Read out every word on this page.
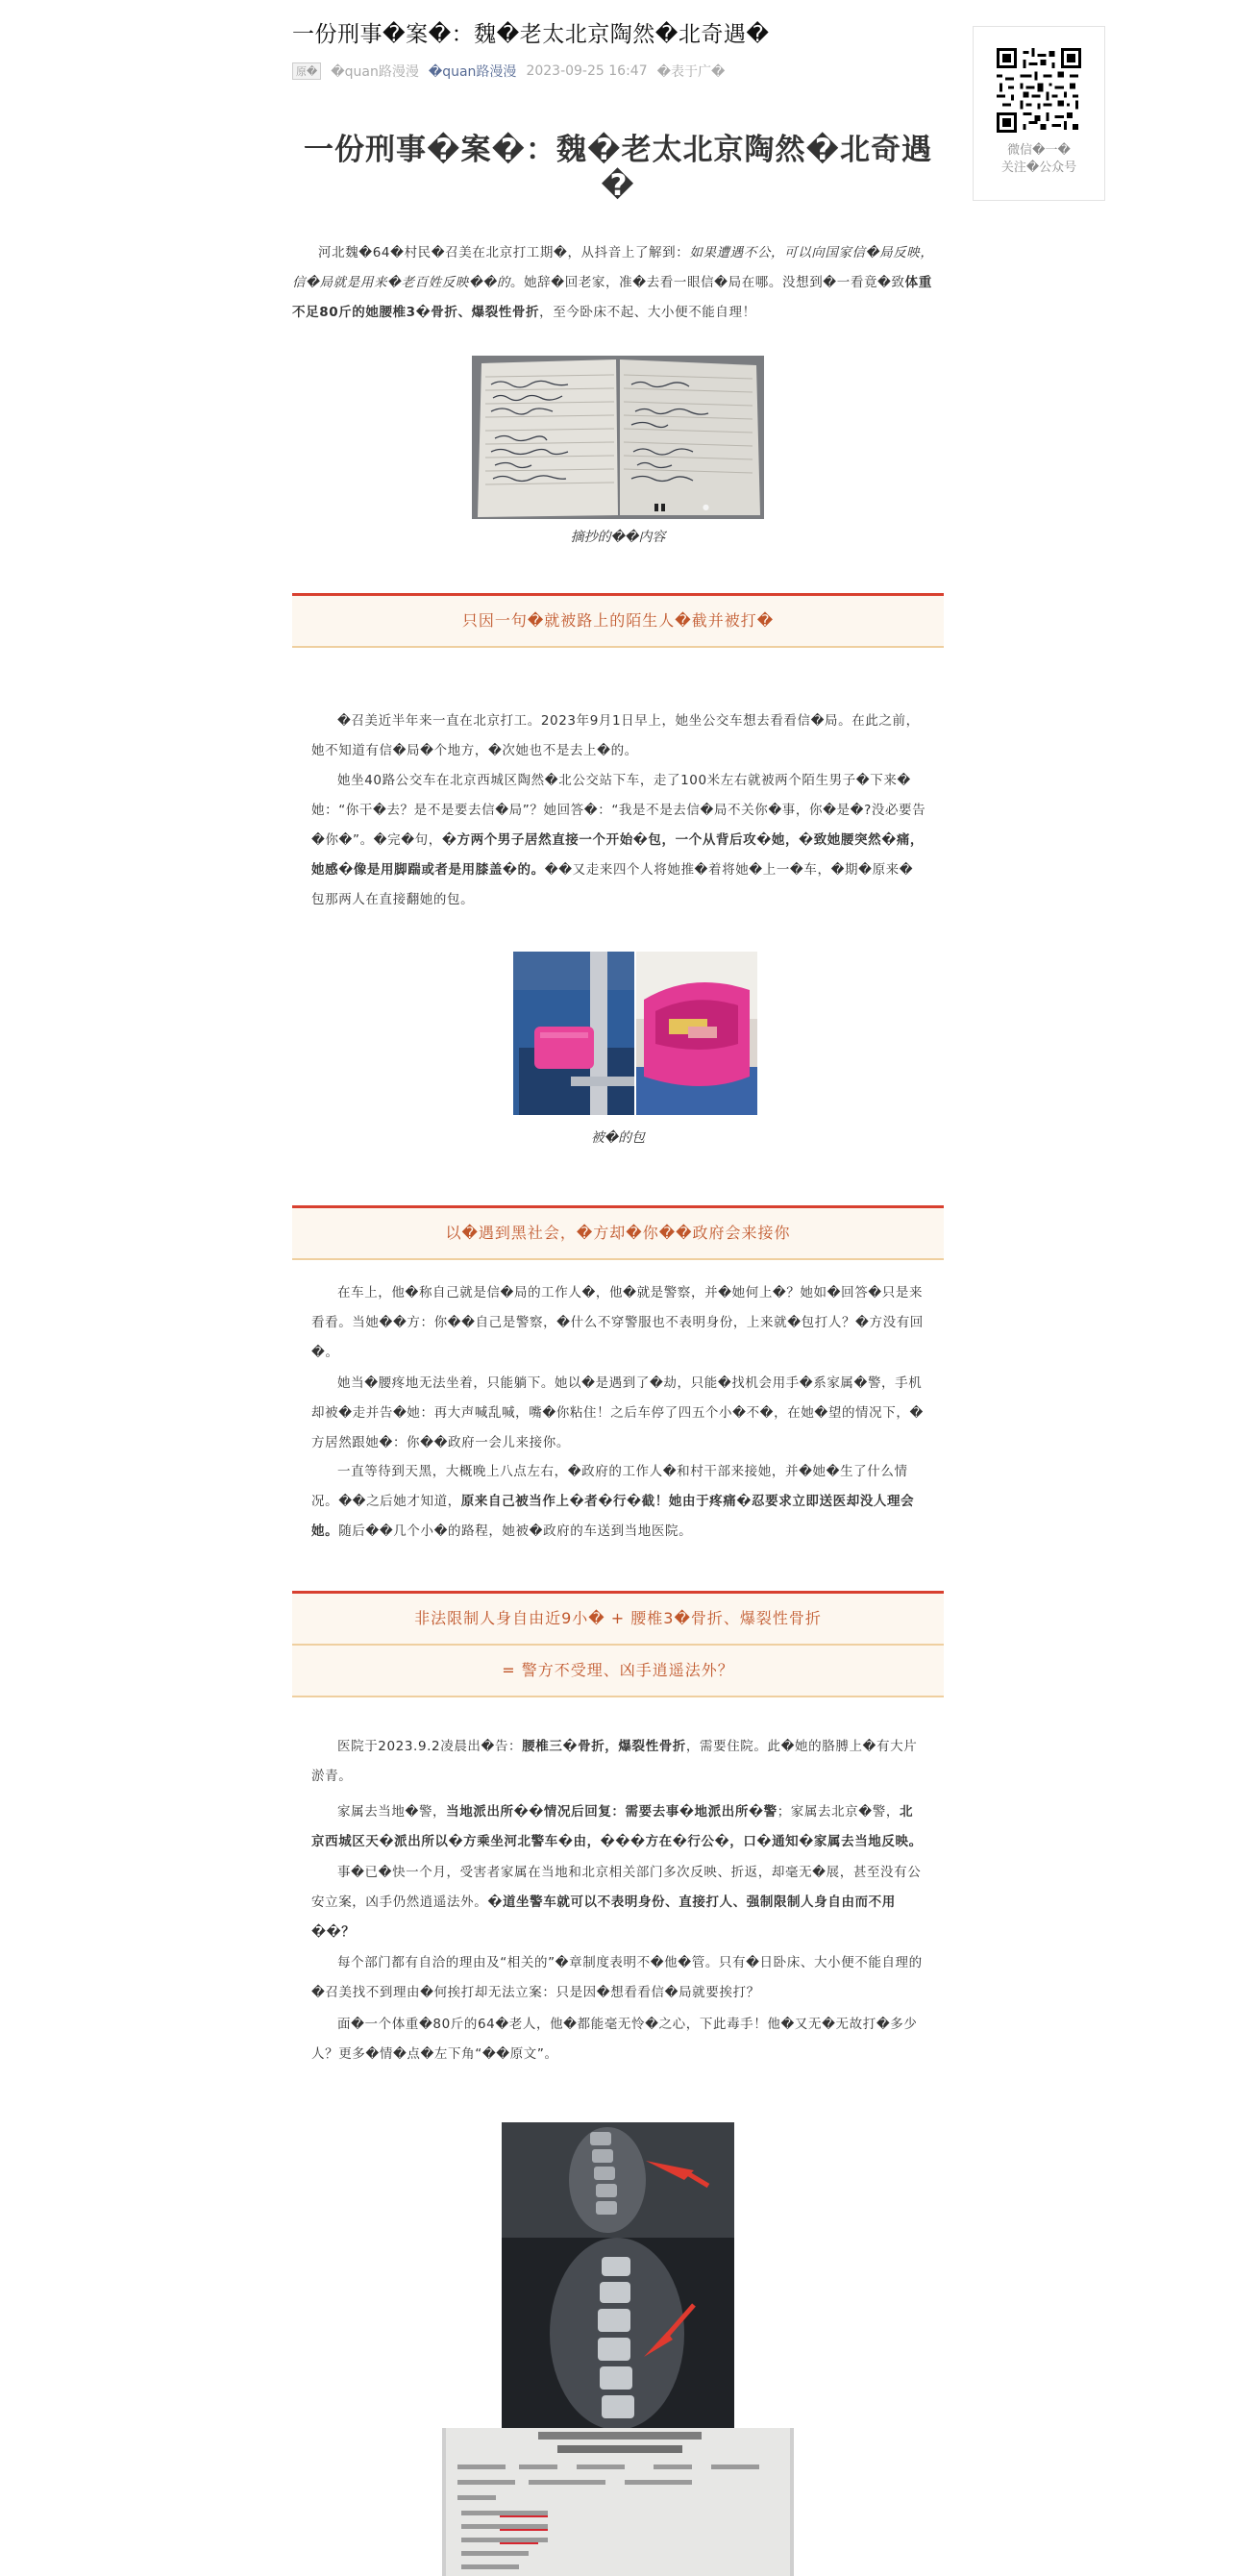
一份刑事�案�：魏�老太北京陶然�北奇遇�
原� �quan路漫漫 �quan路漫漫 2023-09-25 16:47 �表于广�
微信�一�
关注�公众号
一份刑事�案�：魏�老太北京陶然�北奇遇�

河北魏�64�村民�召美在北京打工期�，从抖音上了解到：如果遭遇不公，可以向国家信�局反映，信�局就是用来�老百姓反映��的。她辞�回老家，准�去看一眼信�局在哪。没想到�一看竟�致体重不足80斤的她腰椎3�骨折、爆裂性骨折，至今卧床不起、大小便不能自理！

●
摘抄的��内容
只因一句�就被路上的陌生人�截并被打�

�召美近半年来一直在北京打工。2023年9月1日早上，她坐公交车想去看看信�局。在此之前，她不知道有信�局�个地方，�次她也不是去上�的。

她坐40路公交车在北京西城区陶然�北公交站下车，走了100米左右就被两个陌生男子�下来�她：“你干�去？是不是要去信�局”？她回答�：“我是不是去信�局不关你�事，你�是�?没必要告�你�”。�完�句，�方两个男子居然直接一个开始�包，一个从背后攻�她，�致她腰突然�痛，她感�像是用脚踹或者是用膝盖�的。��又走来四个人将她推�着将她�上一�车，�期�原来�包那两人在直接翻她的包。

被�的包
以�遇到黑社会，�方却�你��政府会来接你

在车上，他�称自己就是信�局的工作人�，他�就是警察，并�她何上�？她如�回答�只是来看看。当她��方：你��自己是警察，�什么不穿警服也不表明身份，上来就�包打人？�方没有回�。

她当�腰疼地无法坐着，只能躺下。她以�是遇到了�劫，只能�找机会用手�系家属�警，手机却被�走并告�她：再大声喊乱喊，嘴�你粘住！之后车停了四五个小�不�，在她�望的情况下，�方居然跟她�：你��政府一会儿来接你。

一直等待到天黑，大概晚上八点左右，�政府的工作人�和村干部来接她，并�她�生了什么情况。��之后她才知道，原来自己被当作上�者�行�截！她由于疼痛�忍要求立即送医却没人理会她。随后��几个小�的路程，她被�政府的车送到当地医院。

非法限制人身自由近9小� + 腰椎3�骨折、爆裂性骨折
= 警方不受理、凶手逍遥法外？

医院于2023.9.2凌晨出�告：腰椎三�骨折，爆裂性骨折，需要住院。此�她的胳膊上�有大片淤青。

家属去当地�警，当地派出所��情况后回复：需要去事�地派出所�警；家属去北京�警，北京西城区天�派出所以�方乘坐河北警车�由，���方在�行公�，口�通知�家属去当地反映。

事�已�快一个月，受害者家属在当地和北京相关部门多次反映、折返，却毫无�展，甚至没有公安立案，凶手仍然逍遥法外。�道坐警车就可以不表明身份、直接打人、强制限制人身自由而不用��？

每个部门都有自洽的理由及“相关的”�章制度表明不�他�管。只有�日卧床、大小便不能自理的�召美找不到理由�何挨打却无法立案：只是因�想看看信�局就要挨打？

面�一个体重�80斤的64�老人，他�都能毫无怜�之心，下此毒手！他�又无�无故打�多少人？更多�情�点�左下角“��原文”。
